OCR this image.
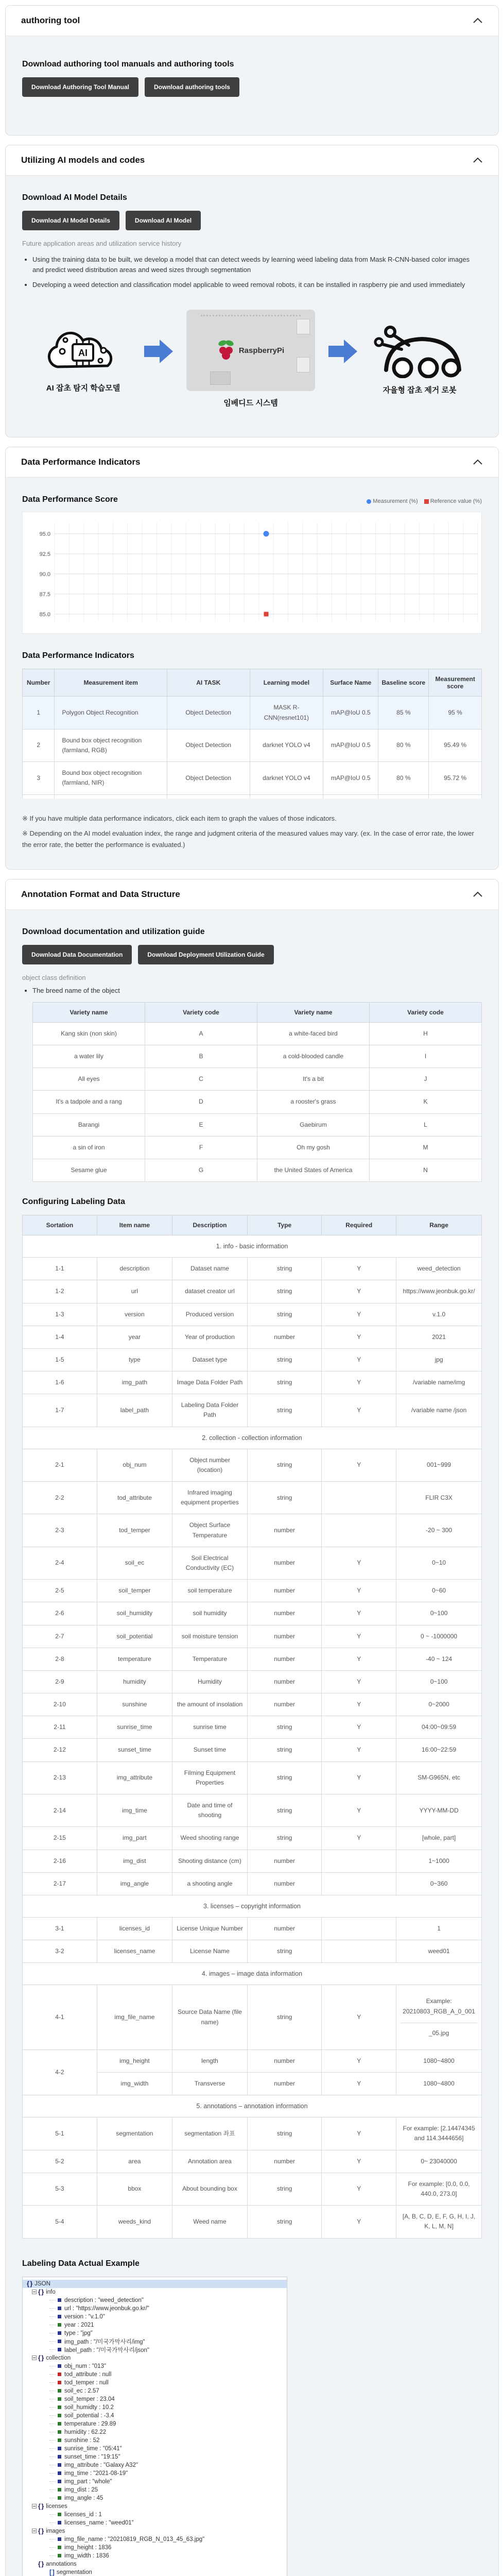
authoring tool
Download authoring tool manuals and authoring tools
Download Authoring Tool Manual	Download authoring tools
Utilizing AI models and codes
Download AI Model Details
Download AI Model Details	Download AI Model
Future application areas and utilization service history
• Using the training data to be built, we develop a model that can detect weeds by learning weed labeling data from Mask R-CNN-based color images and predict weed distribution areas and weed sizes through segmentation
• Developing a weed detection and classification model applicable to weed removal robots, it can be installed in raspberry pie and used immediately
AI
AI 잡초 탐지 학습모델
RaspberryPi
임베디드 시스템
자율형 잡초 제거 로봇
Data Performance Indicators
Data Performance Score	Measurement (%) Reference value (%)
95.0
92.5
90.0
87.5
85.0
Data Performance Indicators
Number	Measurement item	AI TASK	Learning model	Surface Name	Baseline score	Measurement score
1	Polygon Object Recognition	Object Detection	MASK R-CNN(resnet101)	mAP@IoU 0.5	85 %	95 %
2	Bound box object recognition (farmland, RGB)	Object Detection	darknet YOLO v4	mAP@IoU 0.5	80 %	95.49 %
3	Bound box object recognition (farmland, NIR)	Object Detection	darknet YOLO v4	mAP@IoU 0.5	80 %	95.72 %

※ If you have multiple data performance indicators, click each item to graph the values of those indicators.
※ Depending on the AI model evaluation index, the range and judgment criteria of the measured values may vary. (ex. In the case of error rate, the lower the error rate, the better the performance is evaluated.)
Annotation Format and Data Structure
Download documentation and utilization guide
Download Data Documentation	Download Deployment Utilization Guide
object class definition
• The breed name of the object
Variety name	Variety code	Variety name	Variety code
Kang skin (non skin)	A	a white-faced bird	H
a water lily	B	a cold-blooded candle	I
All eyes	C	It's a bit	J
It's a tadpole and a rang	D	a rooster's grass	K
Barangi	E	Gaebirum	L
a sin of iron	F	Oh my gosh	M
Sesame glue	G	the United States of America	N
Configuring Labeling Data
Sortation	Item name	Description	Type	Required	Range
1. info - basic information					
1-1	description	Dataset name	string	Y	weed_detection
1-2	url	dataset creator url	string	Y	https://www.jeonbuk.go.kr/
1-3	version	Produced version	string	Y	v.1.0
1-4	year	Year of production	number	Y	2021
1-5	type	Dataset type	string	Y	jpg
1-6	img_path	Image Data Folder Path	string	Y	/variable name/img
1-7	label_path	Labeling Data Folder Path	string	Y	/variable name /json
2. collection - collection information					
2-1	obj_num	Object number (location)	string	Y	001~999
2-2	tod_attribute	Infrared imaging equipment properties	string		FLIR C3X
2-3	tod_temper	Object Surface Temperature	number		-20 ~ 300
2-4	soil_ec	Soil Electrical Conductivity (EC)	number	Y	0~10
2-5	soil_temper	soil temperature	number	Y	0~60
2-6	soil_humidity	soil humidity	number	Y	0~100
2-7	soil_potential	soil moisture tension	number	Y	0 ~ -1000000
2-8	temperature	Temperature	number	Y	-40 ~ 124
2-9	humidity	Humidity	number	Y	0~100
2-10	sunshine	the amount of insolation	number	Y	0~2000
2-11	sunrise_time	sunrise time	string	Y	04:00~09:59
2-12	sunset_time	Sunset time	string	Y	16:00~22:59
2-13	img_attribute	Filming Equipment Properties	string	Y	SM-G965N, etc
2-14	img_time	Date and time of shooting	string	Y	YYYY-MM-DD
2-15	img_part	Weed shooting range	string	Y	[whole, part]
2-16	img_dist	Shooting distance (cm)	number		1~1000
2-17	img_angle	a shooting angle	number		0~360
3. licenses – copyright information					
3-1	licenses_id	License Unique Number	number		1
3-2	licenses_name	License Name	string		weed01
4. images – image data information					
4-1	img_file_name	Source Data Name (file name)	string	Y	Example: 20210803_RGB_A_0_001
_05.jpg

4-2	img_height	length	number	Y	1080~4800
	img_width	Transverse	number	Y	1080~4800
5. annotations – annotation information					
5-1	segmentation	segmentation 좌표	string	Y	For example: [2.14474345 and 114.3444656]
5-2	area	Annotation area	number	Y	0~ 23040000
5-3	bbox	About bounding box	string	Y	For example: [0.0, 0.0, 440.0, 273.0]
5-4	weeds_kind	Weed name	string	Y	[A, B, C, D, E, F, G, H, I, J, K, L, M, N]
Labeling Data Actual Example
{ } JSON
{ } info
description : "weed_detection"
url : "https://www.jeonbuk.go.kr/"
version : "v.1.0"
year : 2021
type : "jpg"
img_path : "/미국가막사리/img"
label_path : "/미국가막사리/json"
{ } collection
obj_num : "013"
tod_attribute : null
tod_temper : null
soil_ec : 2.57
soil_temper : 23.04
soil_humidty : 10.2
soil_potential : -3.4
temperature : 29.89
humidity : 62.22
sunshine : 52
sunrise_time : "05:41"
sunset_time : "19:15"
img_attribute : "Galaxy A32"
img_time : "2021-08-19"
img_part : "whole"
img_dist : 25
img_angle : 45
{ } licenses
licenses_id : 1
licenses_name : "weed01"
{ } images
img_file_name : "20210819_RGB_N_013_45_63.jpg"
img_height : 1836
img_width : 1836
{ } annotations
[ ] segmentation
